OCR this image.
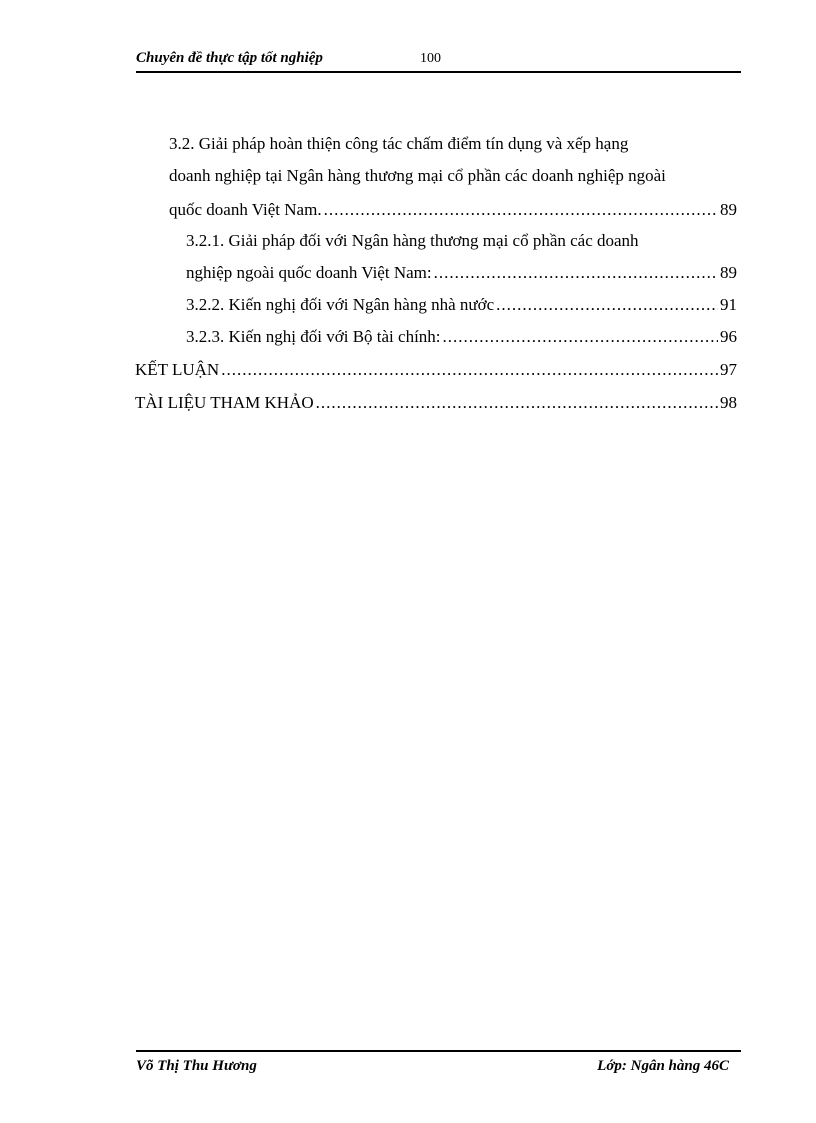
Chuyên đề thực tập tốt nghiệp	100
3.2. Giải pháp hoàn thiện công tác chấm điểm tín dụng và xếp hạng
doanh nghiệp tại Ngân hàng thương mại cổ phần các doanh nghiệp ngoài
quốc doanh Việt Nam. .....	89
3.2.1. Giải pháp đối với Ngân hàng thương mại cổ phần các doanh
nghiệp ngoài quốc doanh Việt Nam: .....	89
3.2.2. Kiến nghị đối với Ngân hàng nhà nước .....	91
3.2.3. Kiến nghị đối với Bộ tài chính: .....	96
KẾT LUẬN .....	97
TÀI LIỆU THAM KHẢO .....	98
Võ Thị Thu Hương	Lớp: Ngân hàng 46C
